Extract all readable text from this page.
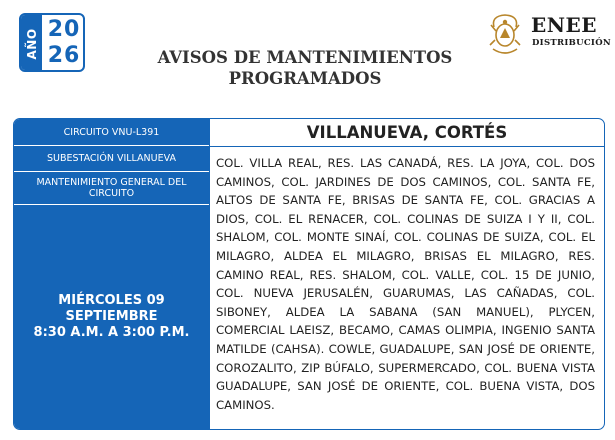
AÑO 20
26	AVISOS DE MANTENIMIENTOS
PROGRAMADOS
ENEE
DISTRIBUCIÓN
CIRCUITO VNU-L391
SUBESTACIÓN VILLANUEVA
MANTENIMIENTO GENERAL DEL CIRCUITO
MIÉRCOLES 09 SEPTIEMBRE
8:30 A.M. A 3:00 P.M.
VILLANUEVA, CORTÉS

COL. VILLA REAL, RES. LAS CANADÁ, RES. LA JOYA, COL. DOS CAMINOS, COL. JARDINES DE DOS CAMINOS, COL. SANTA FE, ALTOS DE SANTA FE, BRISAS DE SANTA FE, COL. GRACIAS A DIOS, COL. EL RENACER, COL. COLINAS DE SUIZA I Y II, COL. SHALOM, COL. MONTE SINAÍ, COL. COLINAS DE SUIZA, COL. EL MILAGRO, ALDEA EL MILAGRO, BRISAS EL MILAGRO, RES. CAMINO REAL, RES. SHALOM, COL. VALLE, COL. 15 DE JUNIO, COL. NUEVA JERUSALÉN, GUARUMAS, LAS CAÑADAS, COL. SIBONEY, ALDEA LA SABANA (SAN MANUEL), PLYCEN, COMERCIAL LAEISZ, BECAMO, CAMAS OLIMPIA, INGENIO SANTA MATILDE (CAHSA). COWLE, GUADALUPE, SAN JOSÉ DE ORIENTE, COROZALITO, ZIP BÚFALO, SUPERMERCADO, COL. BUENA VISTA GUADALUPE, SAN JOSÉ DE ORIENTE, COL. BUENA VISTA, DOS CAMINOS.
